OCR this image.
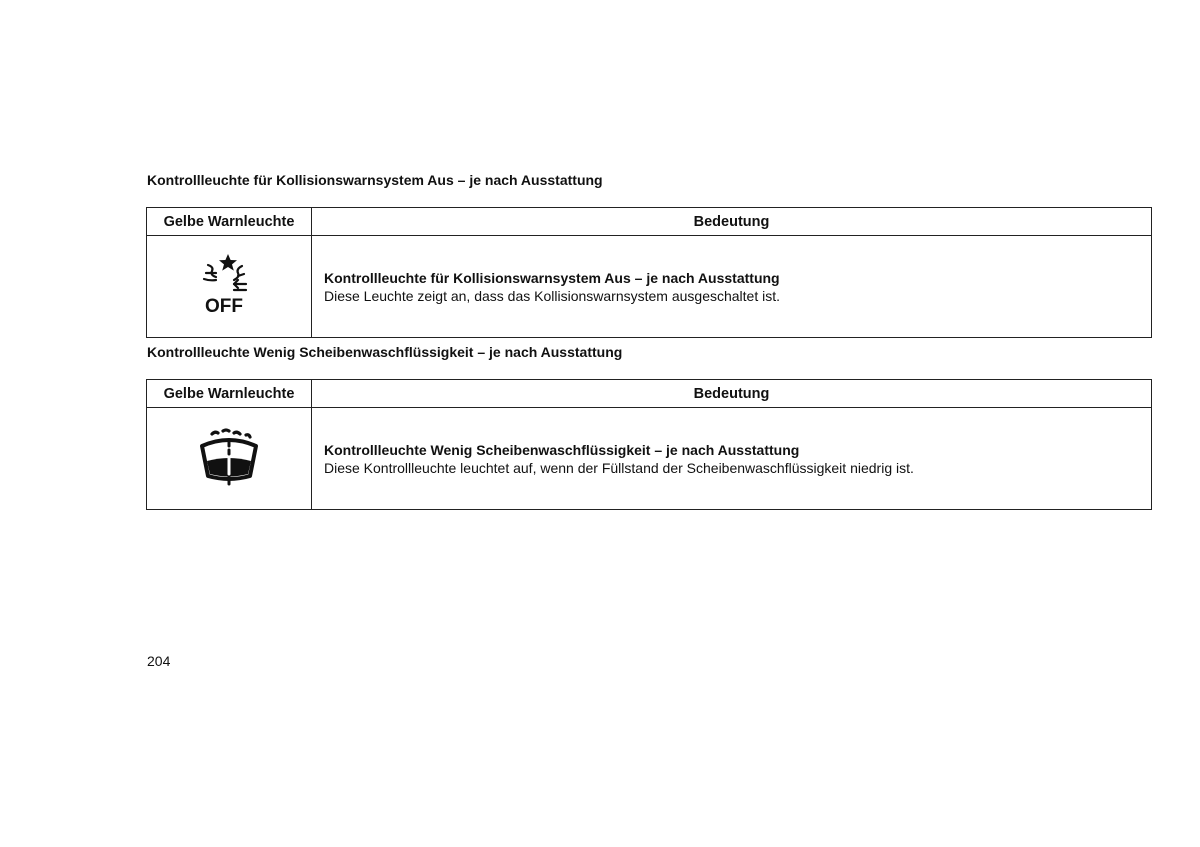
Kontrollleuchte für Kollisionswarnsystem Aus – je nach Ausstattung
Gelbe Warnleuchte	Bedeutung

OFF	Kontrollleuchte für Kollisionswarnsystem Aus – je nach Ausstattung
Diese Leuchte zeigt an, dass das Kollisionswarnsystem ausgeschaltet ist.
Kontrollleuchte Wenig Scheibenwaschflüssigkeit – je nach Ausstattung
Gelbe Warnleuchte	Bedeutung

Kontrollleuchte Wenig Scheibenwaschflüssigkeit – je nach Ausstattung
Diese Kontrollleuchte leuchtet auf, wenn der Füllstand der Scheibenwaschflüssigkeit niedrig ist.
204
